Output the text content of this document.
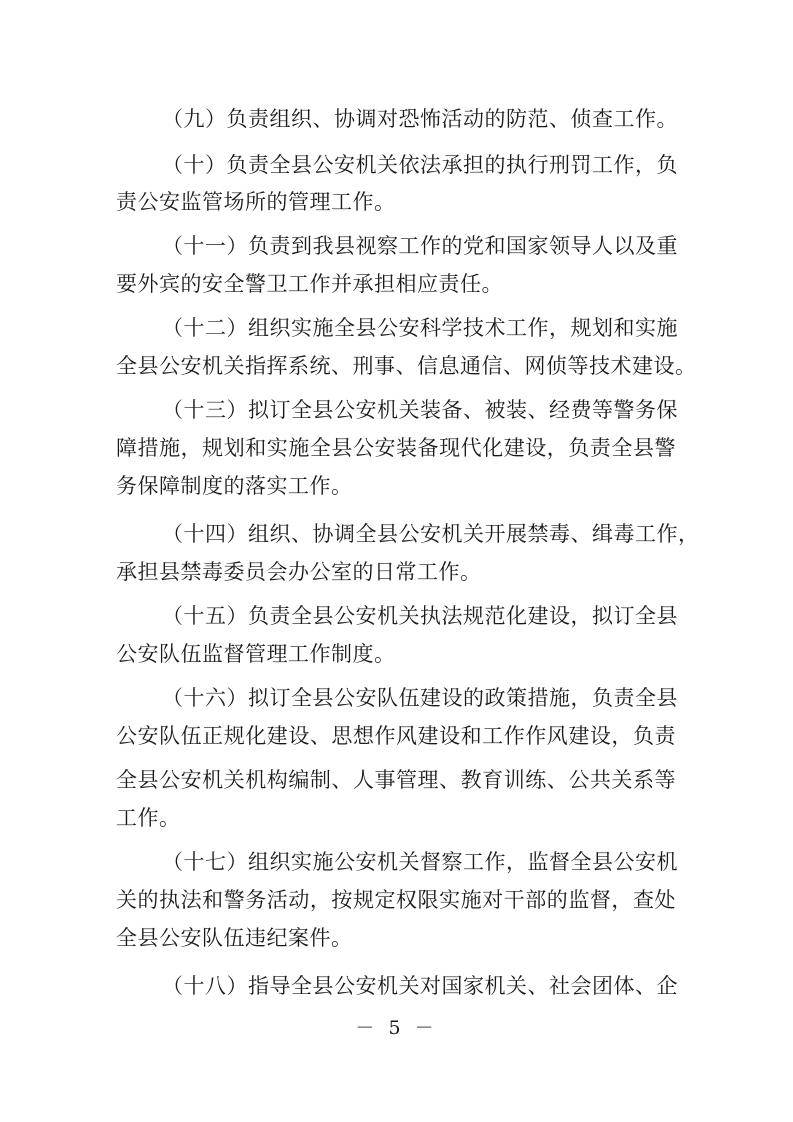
（九）负责组织、协调对恐怖活动的防范、侦查工作。
（十）负责全县公安机关依法承担的执行刑罚工作，负
责公安监管场所的管理工作。
（十一）负责到我县视察工作的党和国家领导人以及重
要外宾的安全警卫工作并承担相应责任。
（十二）组织实施全县公安科学技术工作，规划和实施
全县公安机关指挥系统、刑事、信息通信、网侦等技术建设。
（十三）拟订全县公安机关装备、被装、经费等警务保
障措施，规划和实施全县公安装备现代化建设，负责全县警
务保障制度的落实工作。
（十四）组织、协调全县公安机关开展禁毒、缉毒工作，
承担县禁毒委员会办公室的日常工作。
（十五）负责全县公安机关执法规范化建设，拟订全县
公安队伍监督管理工作制度。
（十六）拟订全县公安队伍建设的政策措施，负责全县
公安队伍正规化建设、思想作风建设和工作作风建设，负责
全县公安机关机构编制、人事管理、教育训练、公共关系等
工作。
（十七）组织实施公安机关督察工作，监督全县公安机
关的执法和警务活动，按规定权限实施对干部的监督，查处
全县公安队伍违纪案件。
（十八）指导全县公安机关对国家机关、社会团体、企
－ 5 －
